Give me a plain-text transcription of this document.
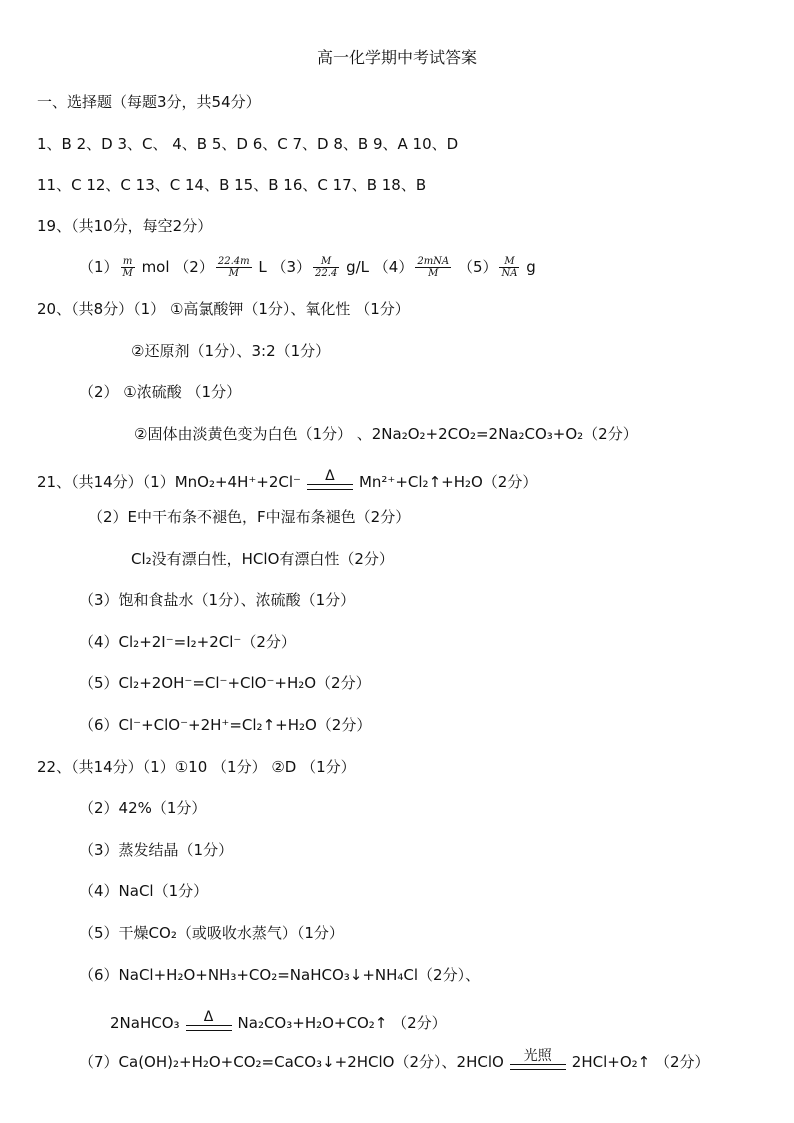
高一化学期中考试答案
一、选择题（每题3分，共54分）
1、B 2、D 3、C、 4、B 5、D 6、C 7、D 8、B 9、A 10、D
11、C 12、C 13、C 14、B 15、B 16、C 17、B 18、B
19、（共10分，每空2分）
$(1) \frac{m}{M}$ mol $(2) \frac{22.4m}{M}$ L $(3) \frac{M}{22.4} g/L$ $(4) \frac{\text{2mNA}}{M} (5) \frac{M}{NA}$ g
20、（共8分）（1） ①高氯酸钾（1分）、氧化性 （1分）
②还原剂（1分）、3:2（1分）
（2） ①浓硫酸 （1分）
②固体由淡黄色变为白色（1分） 、2Na₂O₂+2CO₂=2Na₂CO₃+O₂（2分）
21、（共14分）（1）MnO₂+4H⁺+2Cl⁻	Δ	Mn²⁺+Cl₂↑+H₂O（2分）
（2）E中干布条不褪色，F中湿布条褪色（2分）
Cl₂没有漂白性，HClO有漂白性（2分）
（3）饱和食盐水（1分）、浓硫酸（1分）
（4）Cl₂+2I⁻=I₂+2Cl⁻（2分）
（5）Cl₂+2OH⁻=Cl⁻+ClO⁻+H₂O（2分）
（6）Cl⁻+ClO⁻+2H⁺=Cl₂↑+H₂O（2分）
22、（共14分）（1）①10 （1分） ②D （1分）
（2）42%（1分）
（3）蒸发结晶（1分）
（4）NaCl（1分）
（5）干燥CO₂（或吸收水蒸气）（1分）
（6）NaCl+H₂O+NH₃+CO₂=NaHCO₃↓+NH₄Cl（2分）、
2NaHCO₃	Δ	Na₂CO₃+H₂O+CO₂↑ （2分）
（7）Ca(OH)₂+H₂O+CO₂=CaCO₃↓+2HClO（2分）、2HClO	光照	2HCl+O₂↑ （2分）
